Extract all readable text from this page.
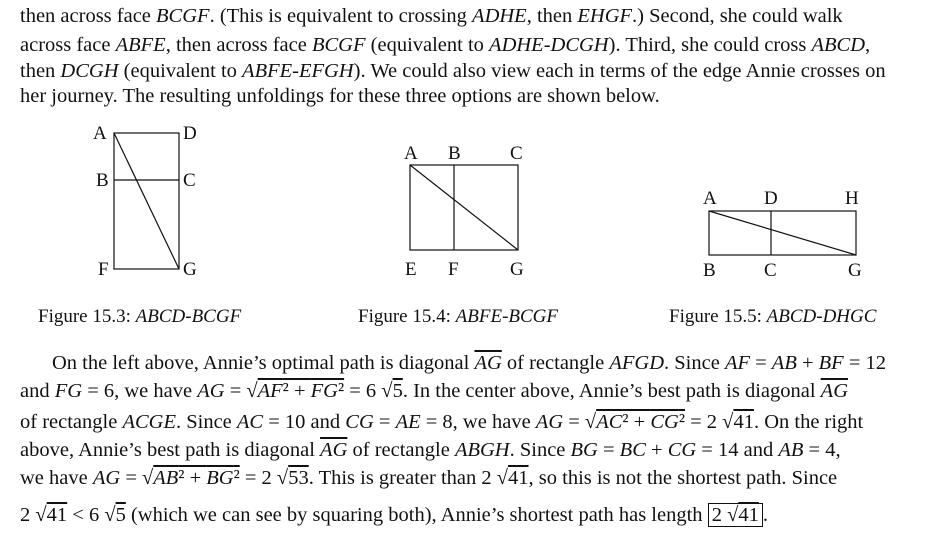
then across face BCGF. (This is equivalent to crossing ADHE, then EHGF.) Second, she could walk
across face ABFE, then across face BCGF (equivalent to ADHE-DCGH). Third, she could cross ABCD,
then DCGH (equivalent to ABFE-EFGH). We could also view each in terms of the edge Annie crosses on
her journey. The resulting unfoldings for these three options are shown below.
A	D
B	C
F	G
A B	C
E F	G
A D	H
B	C	G
Figure 15.3: ABCD-BCGF	Figure 15.4: ABFE-BCGF	Figure 15.5: ABCD-DHGC
On the left above, Annie’s optimal path is diagonal $\overline{AG}$ of rectangle AFGD. Since AF = AB + BF = 12
and FG = 6, we have AG = √AF² + FG² = 6 √5. In the center above, Annie’s best path is diagonal $\overline{AG}$
of rectangle ACGE. Since AC = 10 and CG = AE = 8, we have AG = √AC² + CG² = 2 √41. On the right
above, Annie’s best path is diagonal $\overline{AG}$ of rectangle ABGH. Since BG = BC + CG = 14 and AB = 4,
we have AG = √AB² + BG² = 2 √53. This is greater than 2 √41, so this is not the shortest path. Since
2 √41 < 6 √5 (which we can see by squaring both), Annie’s shortest path has length 2 √41 .
